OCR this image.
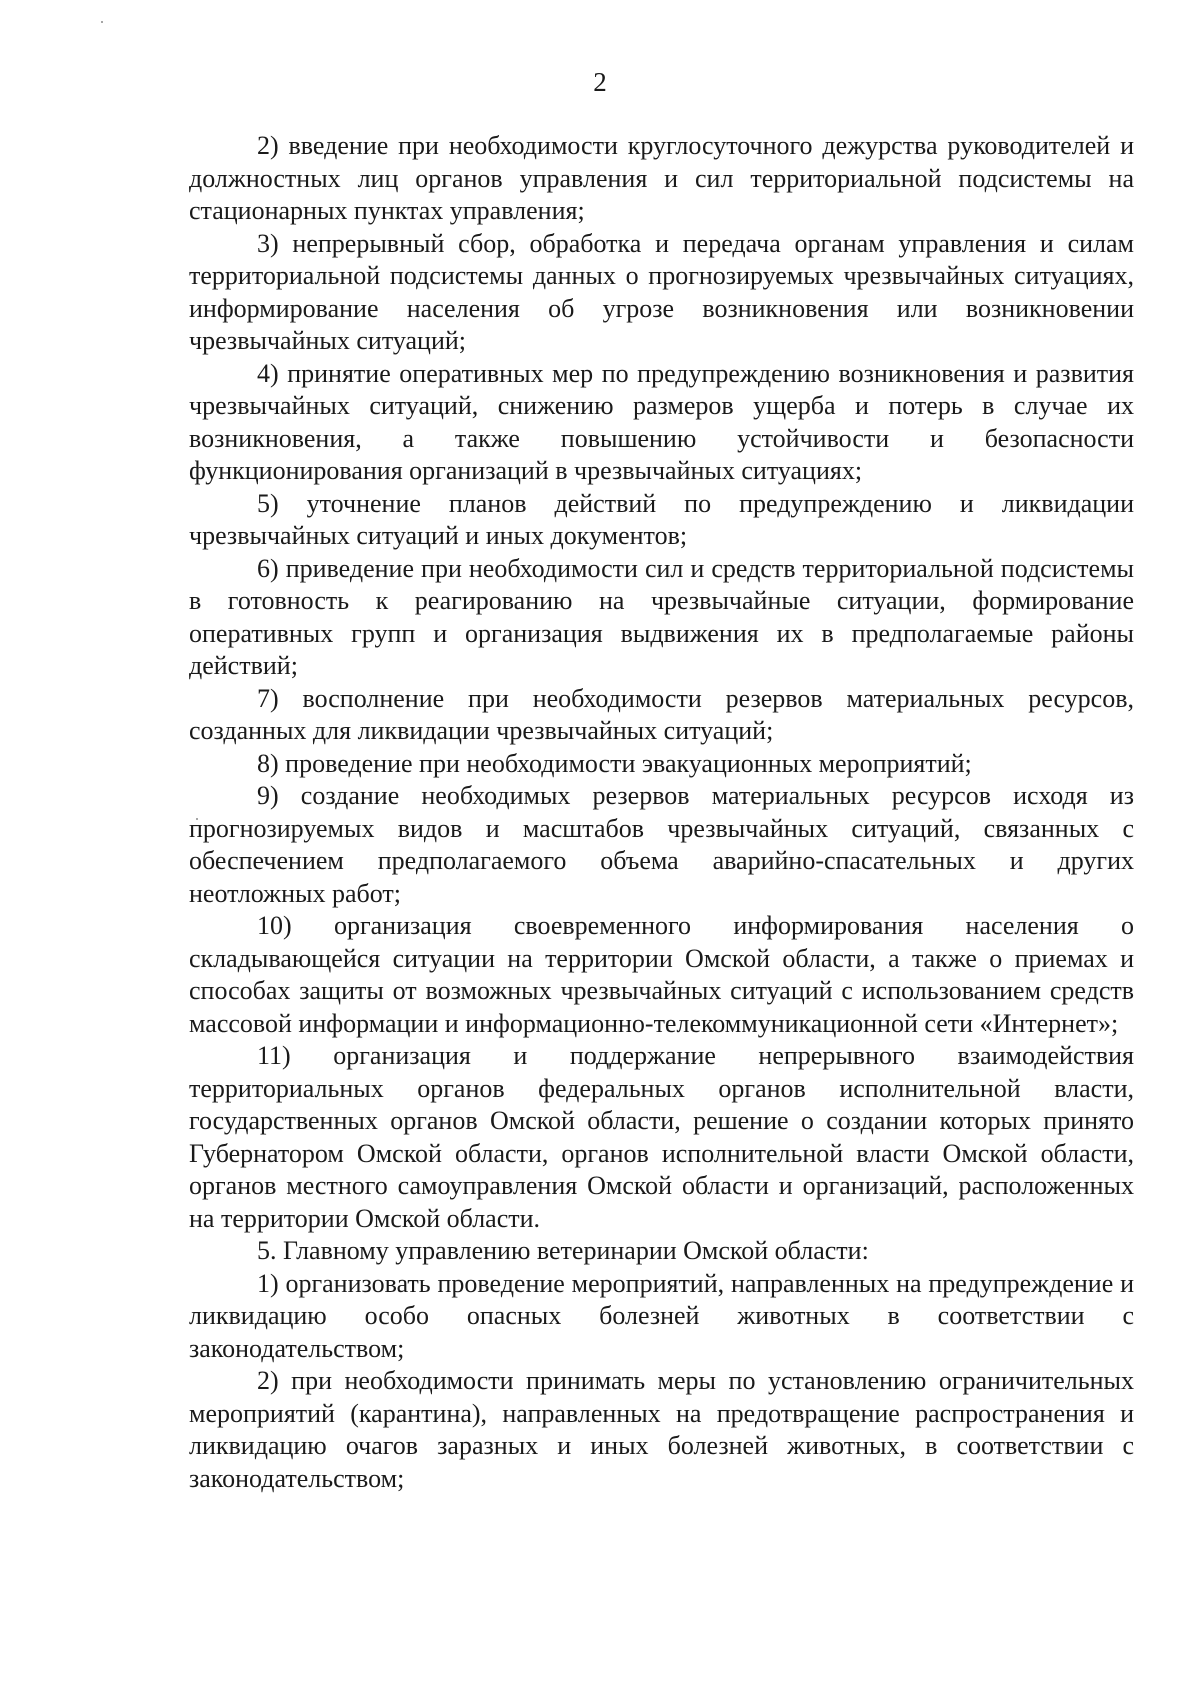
2

2) введение при необходимости круглосуточного дежурства руководителей и должностных лиц органов управления и сил территориальной подсистемы на стационарных пунктах управления;

3) непрерывный сбор, обработка и передача органам управления и силам территориальной подсистемы данных о прогнозируемых чрезвычайных ситуациях, информирование населения об угрозе возникновения или возникновении чрезвычайных ситуаций;

4) принятие оперативных мер по предупреждению возникновения и развития чрезвычайных ситуаций, снижению размеров ущерба и потерь в случае их возникновения, а также повышению устойчивости и безопасности функционирования организаций в чрезвычайных ситуациях;

5) уточнение планов действий по предупреждению и ликвидации чрезвычайных ситуаций и иных документов;

6) приведение при необходимости сил и средств территориальной подсистемы в готовность к реагированию на чрезвычайные ситуации, формирование оперативных групп и организация выдвижения их в предполагаемые районы действий;

7) восполнение при необходимости резервов материальных ресурсов, созданных для ликвидации чрезвычайных ситуаций;

8) проведение при необходимости эвакуационных мероприятий;

9) создание необходимых резервов материальных ресурсов исходя из прогнозируемых видов и масштабов чрезвычайных ситуаций, связанных с обеспечением предполагаемого объема аварийно-спасательных и других неотложных работ;

10) организация своевременного информирования населения о складывающейся ситуации на территории Омской области, а также о приемах и способах защиты от возможных чрезвычайных ситуаций с использованием средств массовой информации и информационно-телекоммуникационной сети «Интернет»;

11) организация и поддержание непрерывного взаимодействия территориальных органов федеральных органов исполнительной власти, государственных органов Омской области, решение о создании которых принято Губернатором Омской области, органов исполнительной власти Омской области, органов местного самоуправления Омской области и организаций, расположенных на территории Омской области.

5. Главному управлению ветеринарии Омской области:

1) организовать проведение мероприятий, направленных на предупреждение и ликвидацию особо опасных болезней животных в соответствии с законодательством;

2) при необходимости принимать меры по установлению ограничительных мероприятий (карантина), направленных на предотвращение распространения и ликвидацию очагов заразных и иных болезней животных, в соответствии с законодательством;
